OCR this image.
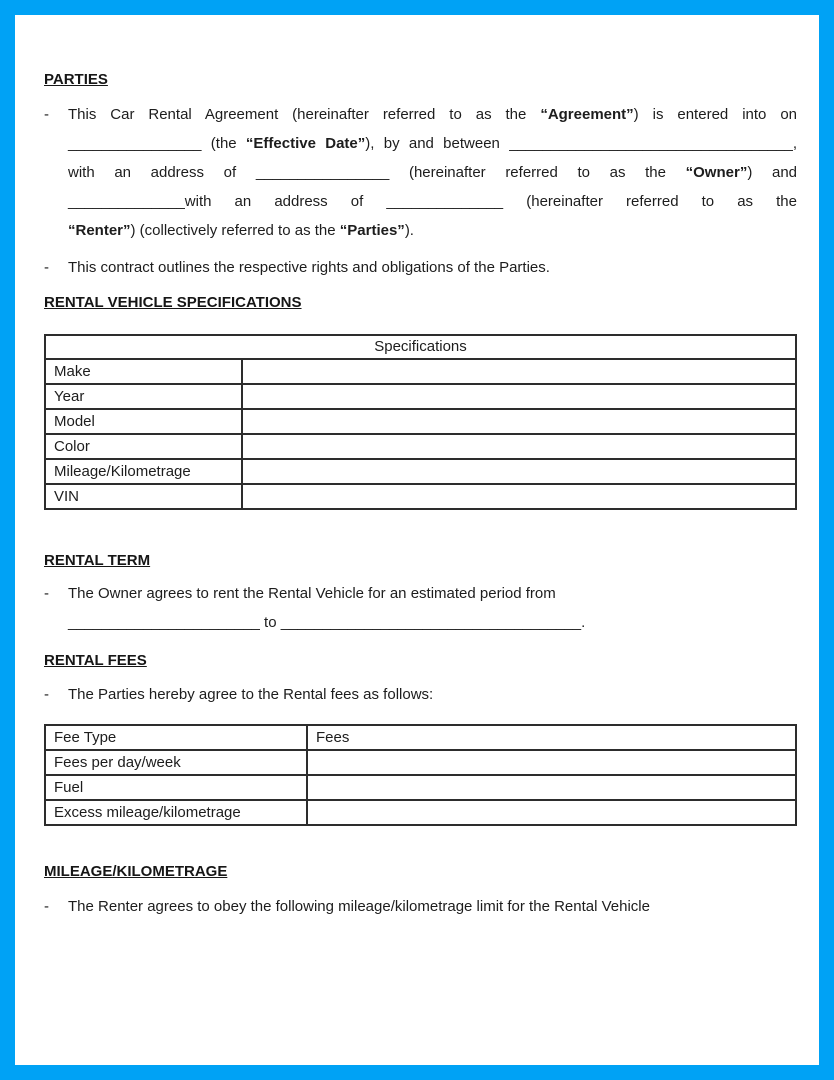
PARTIES
-	This Car Rental Agreement (hereinafter referred to as the “Agreement”) is entered into on
________________ (the “Effective Date”), by and between __________________________________,
with an address of ________________ (hereinafter referred to as the “Owner”) and
______________with an address of ______________ (hereinafter referred to as the
“Renter”) (collectively referred to as the “Parties”).
-	This contract outlines the respective rights and obligations of the Parties.
RENTAL VEHICLE SPECIFICATIONS
Specifications	
Make	
Year	
Model	
Color	
Mileage/Kilometrage	
VIN	
RENTAL TERM
-	The Owner agrees to rent the Rental Vehicle for an estimated period from
_______________________ to ____________________________________.
RENTAL FEES
-	The Parties hereby agree to the Rental fees as follows:
Fee Type	Fees
Fees per day/week	
Fuel	
Excess mileage/kilometrage	
MILEAGE/KILOMETRAGE
-	The Renter agrees to obey the following mileage/kilometrage limit for the Rental Vehicle
